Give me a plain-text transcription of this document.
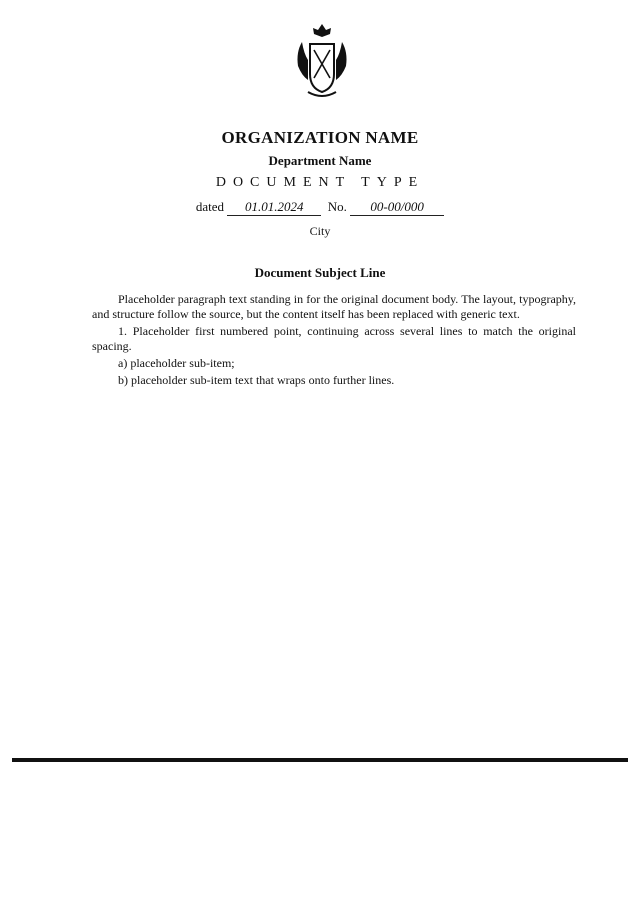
ORGANIZATION NAME
Department Name
DOCUMENT TYPE
dated 01.01.2024 No. 00-00/000
City
Document Subject Line

Placeholder paragraph text standing in for the original document body. The layout, typography, and structure follow the source, but the content itself has been replaced with generic text.

1. Placeholder first numbered point, continuing across several lines to match the original spacing.

a) placeholder sub-item;

b) placeholder sub-item text that wraps onto further lines.
